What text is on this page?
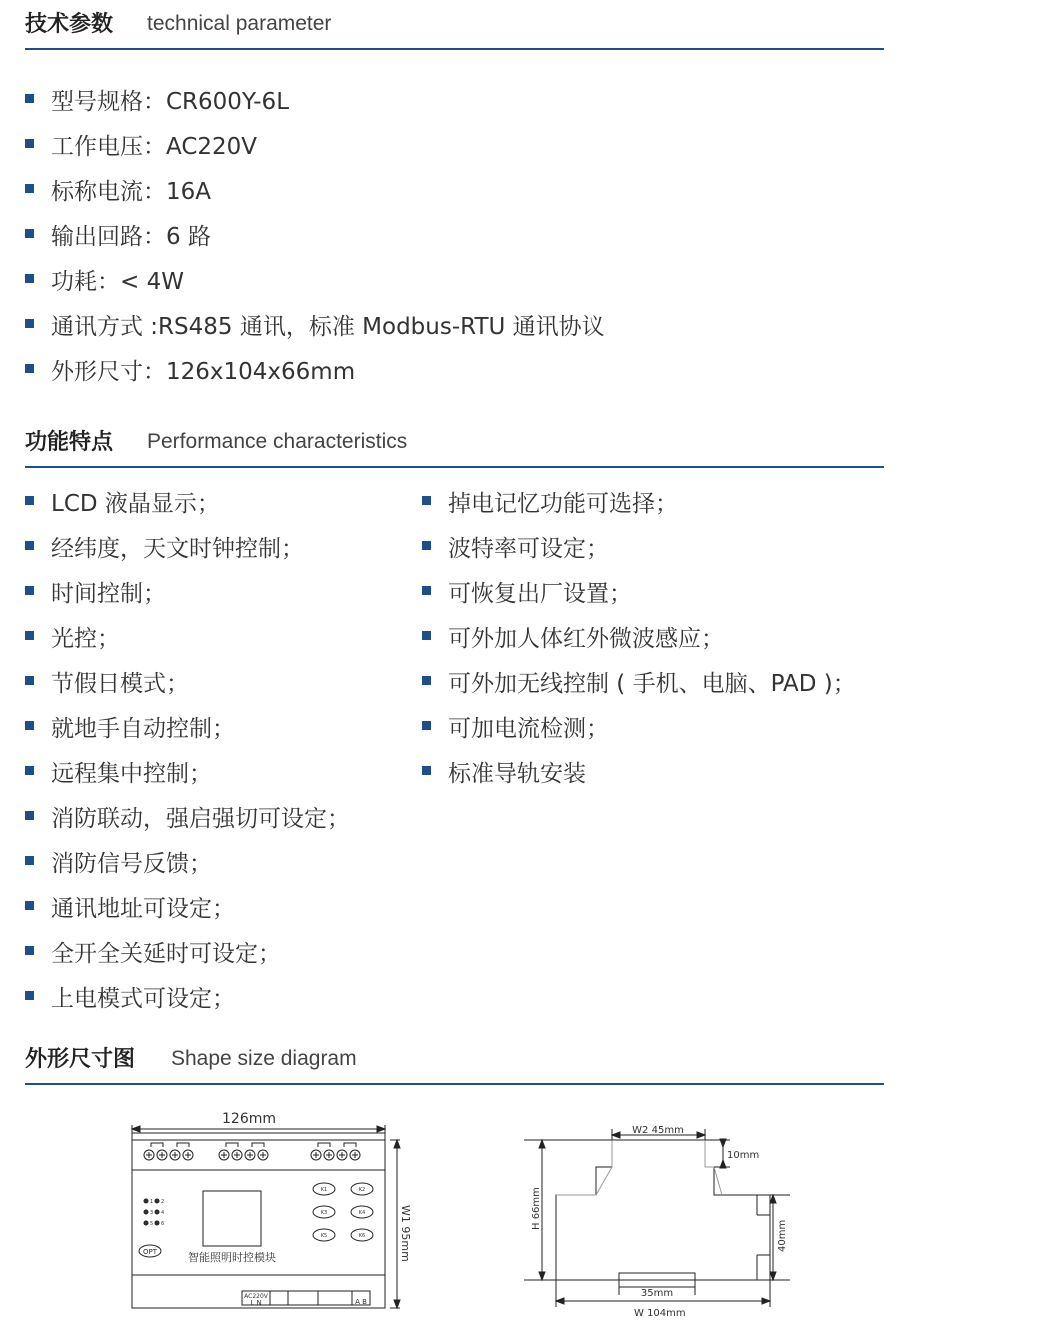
技术参数 technical parameter
型号规格：CR600Y-6L
工作电压：AC220V
标称电流：16A
输出回路：6 路
功耗：< 4W
通讯方式 :RS485 通讯，标准 Modbus-RTU 通讯协议
外形尺寸：126x104x66mm
功能特点 Performance characteristics
LCD 液晶显示；
经纬度，天文时钟控制；
时间控制；
光控；
节假日模式；
就地手自动控制；
远程集中控制；
消防联动，强启强切可设定；
消防信号反馈；
通讯地址可设定；
全开全关延时可设定；
上电模式可设定；
掉电记忆功能可选择；
波特率可设定；
可恢复出厂设置；
可外加人体红外微波感应；
可外加无线控制 ( 手机、电脑、PAD )；
可加电流检测；
标准导轨安装
外形尺寸图 Shape size diagram
K1	K2
K3	K4
K5	K6
1 2
3 4
5 6
126mm
W1 95mm
智能照明时控模块
OPT
AC220V
L N	A B
W2 45mm
10mm
H 66mm
40mm
35mm
W 104mm
